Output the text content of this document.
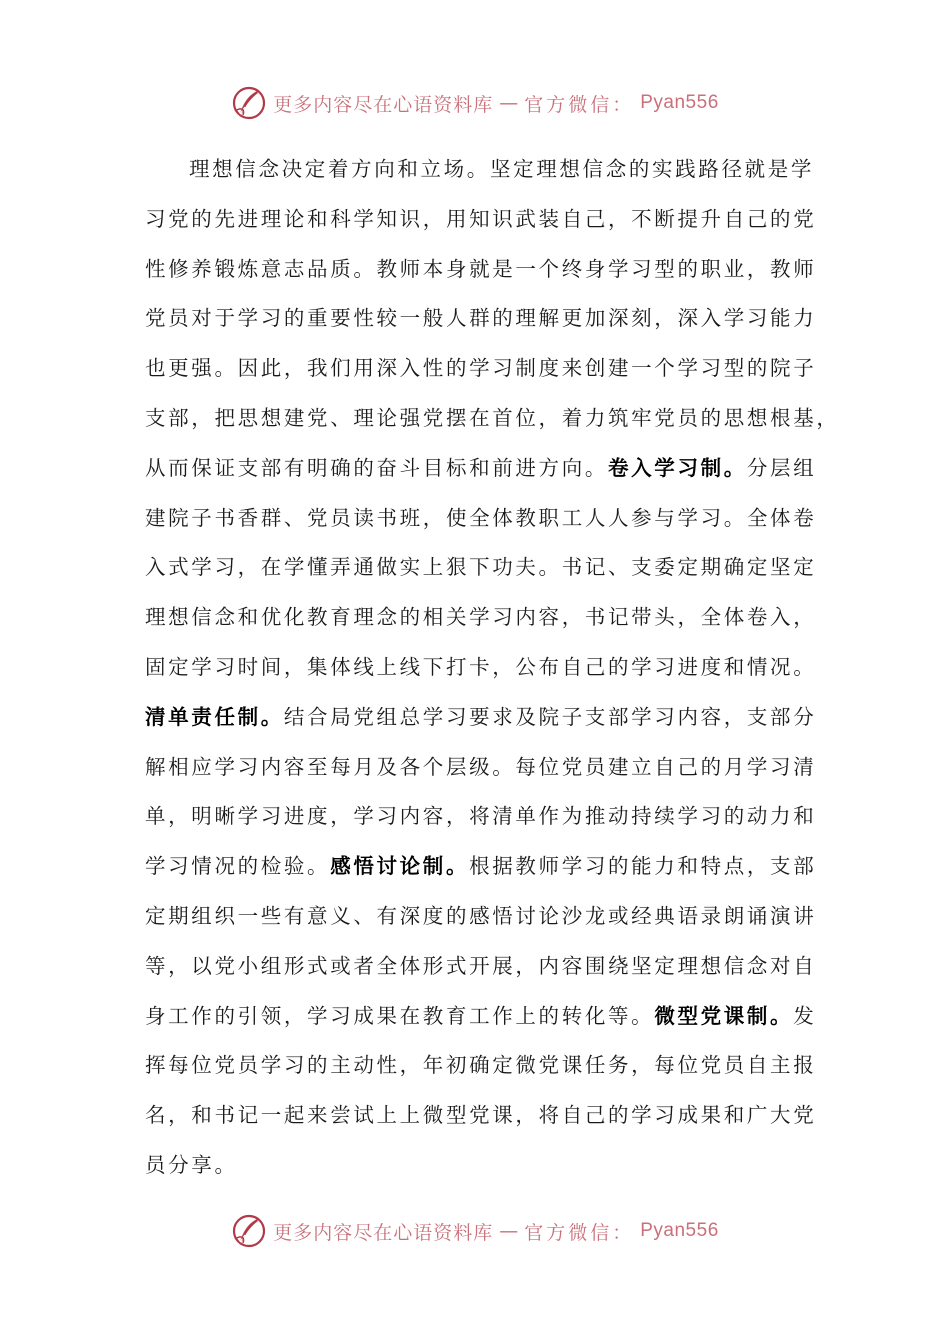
更多内容尽在心语资料库 — 官方微信： Pyan556
理想信念决定着方向和立场。坚定理想信念的实践路径就是学
习党的先进理论和科学知识，用知识武装自己，不断提升自己的党
性修养锻炼意志品质。教师本身就是一个终身学习型的职业，教师
党员对于学习的重要性较一般人群的理解更加深刻，深入学习能力
也更强。因此，我们用深入性的学习制度来创建一个学习型的院子
支部，把思想建党、理论强党摆在首位，着力筑牢党员的思想根基，
从而保证支部有明确的奋斗目标和前进方向。卷入学习制。分层组
建院子书香群、党员读书班，使全体教职工人人参与学习。全体卷
入式学习，在学懂弄通做实上狠下功夫。书记、支委定期确定坚定
理想信念和优化教育理念的相关学习内容，书记带头，全体卷入，
固定学习时间，集体线上线下打卡，公布自己的学习进度和情况。
清单责任制。结合局党组总学习要求及院子支部学习内容，支部分
解相应学习内容至每月及各个层级。每位党员建立自己的月学习清
单，明晰学习进度，学习内容，将清单作为推动持续学习的动力和
学习情况的检验。感悟讨论制。根据教师学习的能力和特点，支部
定期组织一些有意义、有深度的感悟讨论沙龙或经典语录朗诵演讲
等，以党小组形式或者全体形式开展，内容围绕坚定理想信念对自
身工作的引领，学习成果在教育工作上的转化等。微型党课制。发
挥每位党员学习的主动性，年初确定微党课任务，每位党员自主报
名，和书记一起来尝试上上微型党课，将自己的学习成果和广大党
员分享。
更多内容尽在心语资料库 — 官方微信： Pyan556
